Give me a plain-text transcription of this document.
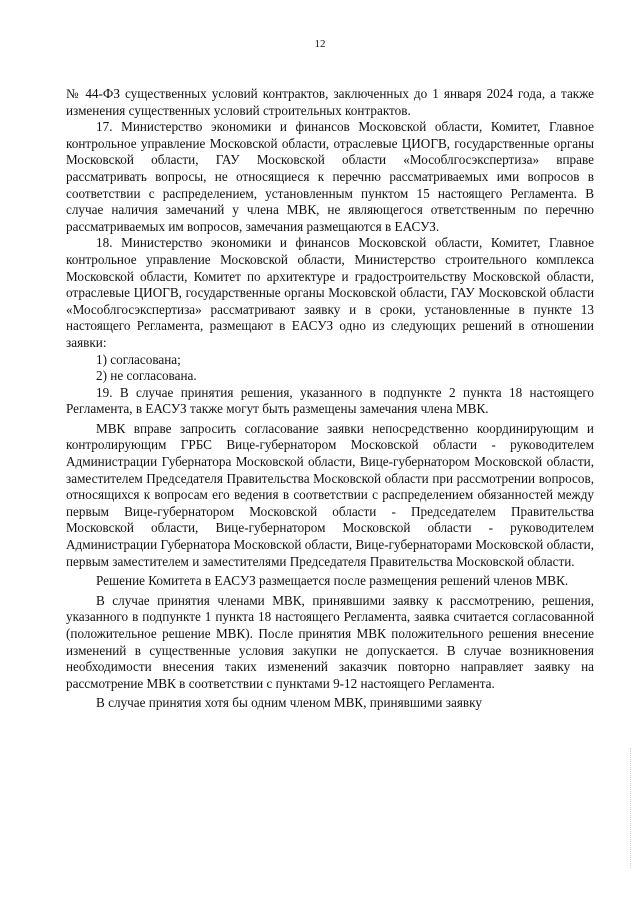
12

№ 44-ФЗ существенных условий контрактов, заключенных до 1 января 2024 года, а также изменения существенных условий строительных контрактов.

17. Министерство экономики и финансов Московской области, Комитет, Главное контрольное управление Московской области, отраслевые ЦИОГВ, государственные органы Московской области, ГАУ Московской области «Мособлгосэкспертиза» вправе рассматривать вопросы, не относящиеся к перечню рассматриваемых ими вопросов в соответствии с распределением, установленным пунктом 15 настоящего Регламента. В случае наличия замечаний у члена МВК, не являющегося ответственным по перечню рассматриваемых им вопросов, замечания размещаются в ЕАСУЗ.

18. Министерство экономики и финансов Московской области, Комитет, Главное контрольное управление Московской области, Министерство строительного комплекса Московской области, Комитет по архитектуре и градостроительству Московской области, отраслевые ЦИОГВ, государственные органы Московской области, ГАУ Московской области «Мособлгосэкспертиза» рассматривают заявку и в сроки, установленные в пункте 13 настоящего Регламента, размещают в ЕАСУЗ одно из следующих решений в отношении заявки:

1) согласована;

2) не согласована.

19. В случае принятия решения, указанного в подпункте 2 пункта 18 настоящего Регламента, в ЕАСУЗ также могут быть размещены замечания члена МВК.

МВК вправе запросить согласование заявки непосредственно координирующим и контролирующим ГРБС Вице-губернатором Московской области - руководителем Администрации Губернатора Московской области, Вице-губернатором Московской области, заместителем Председателя Правительства Московской области при рассмотрении вопросов, относящихся к вопросам его ведения в соответствии с распределением обязанностей между первым Вице-губернатором Московской области - Председателем Правительства Московской области, Вице-губернатором Московской области - руководителем Администрации Губернатора Московской области, Вице-губернаторами Московской области, первым заместителем и заместителями Председателя Правительства Московской области.

Решение Комитета в ЕАСУЗ размещается после размещения решений членов МВК.

В случае принятия членами МВК, принявшими заявку к рассмотрению, решения, указанного в подпункте 1 пункта 18 настоящего Регламента, заявка считается согласованной (положительное решение МВК). После принятия МВК положительного решения внесение изменений в существенные условия закупки не допускается. В случае возникновения необходимости внесения таких изменений заказчик повторно направляет заявку на рассмотрение МВК в соответствии с пунктами 9-12 настоящего Регламента.

В случае принятия хотя бы одним членом МВК, принявшими заявку
